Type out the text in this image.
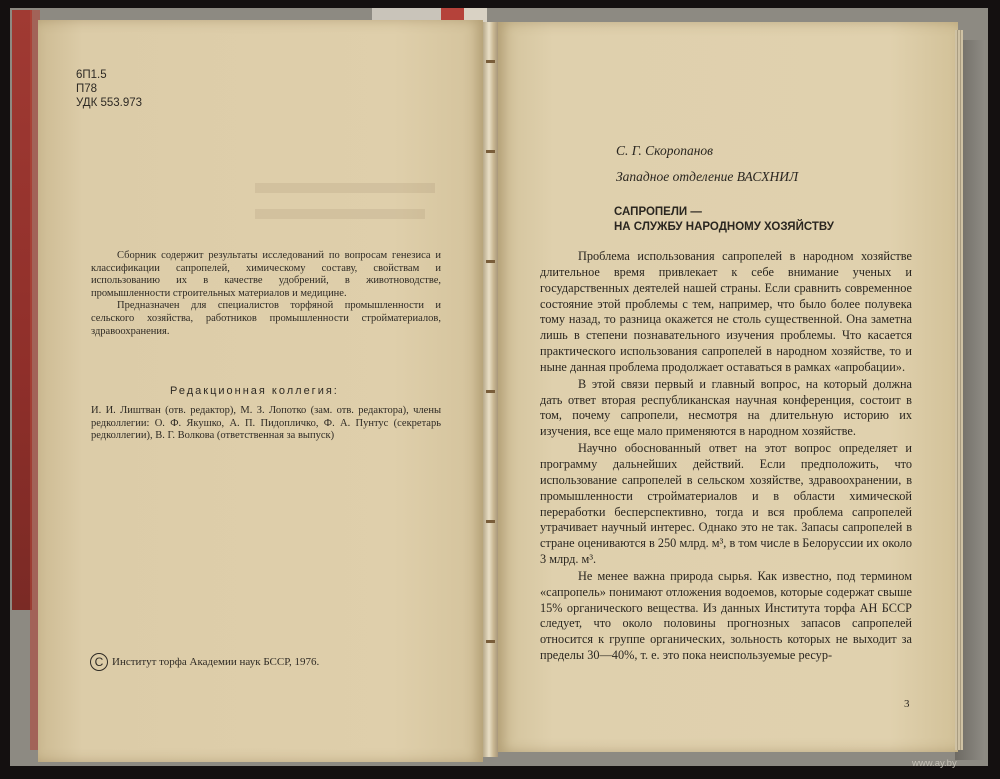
6П1.5
П78
УДК 553.973

Сборник содержит результаты исследований по вопросам генезиса и классификации сапропелей, химическому составу, свойствам и использованию их в качестве удобрений, в животноводстве, промышленности строительных материалов и медицине.

Предназначен для специалистов торфяной промышленности и сельского хозяйства, работников промышленности стройматериалов, здравоохранения.

Редакционная коллегия:
И. И. Лиштван (отв. редактор), М. З. Лопотко (зам. отв. редактора), члены редколлегии: О. Ф. Якушко, А. П. Пидопличко, Ф. А. Пунтус (секретарь редколлегии), В. Г. Волкова (ответственная за выпуск)
C Институт торфа Академии наук БССР, 1976.
С. Г. Скоропанов
Западное отделение ВАСХНИЛ
САПРОПЕЛИ —
НА СЛУЖБУ НАРОДНОМУ ХОЗЯЙСТВУ

Проблема использования сапропелей в народном хозяйстве длительное время привлекает к себе внимание ученых и государственных деятелей нашей страны. Если сравнить современное состояние этой проблемы с тем, например, что было более полувека тому назад, то разница окажется не столь существенной. Она заметна лишь в степени познавательного изучения проблемы. Что касается практического использования сапропелей в народном хозяйстве, то и ныне данная проблема продолжает оставаться в рамках «апробации».

В этой связи первый и главный вопрос, на который должна дать ответ вторая республиканская научная конференция, состоит в том, почему сапропели, несмотря на длительную историю их изучения, все еще мало применяются в народном хозяйстве.

Научно обоснованный ответ на этот вопрос определяет и программу дальнейших действий. Если предположить, что использование сапропелей в сельском хозяйстве, здравоохранении, в промышленности стройматериалов и в области химической переработки бесперспективно, тогда и вся проблема сапропелей утрачивает научный интерес. Однако это не так. Запасы сапропелей в стране оцениваются в 250 млрд. м³, в том числе в Белоруссии их около 3 млрд. м³.

Не менее важна природа сырья. Как известно, под термином «сапропель» понимают отложения водоемов, которые содержат свыше 15% органического вещества. Из данных Института торфа АН БССР следует, что около половины прогнозных запасов сапропелей относится к группе органических, зольность которых не выходит за пределы 30—40%, т. е. это пока неиспользуемые ресур-

3
www.ay.by
